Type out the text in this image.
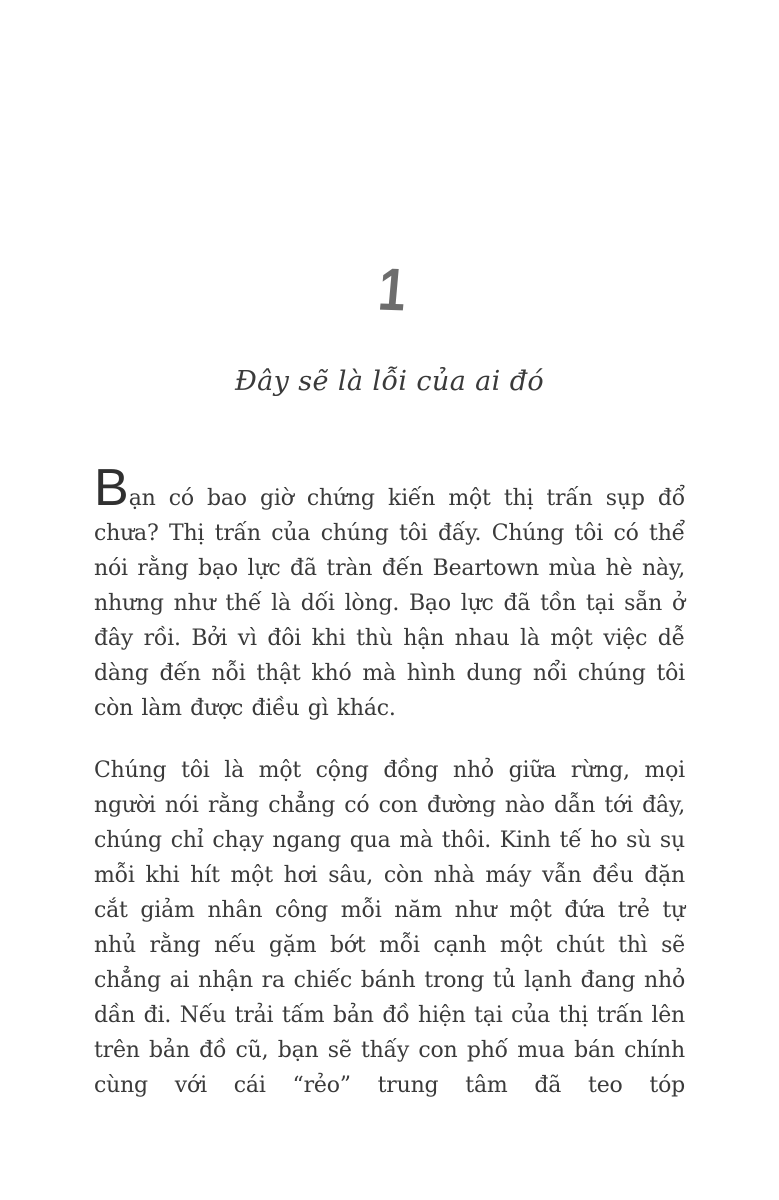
1
Đây sẽ là lỗi của ai đó

Bạn có bao giờ chứng kiến một thị trấn sụp đổ chưa? Thị trấn của chúng tôi đấy. Chúng tôi có thể nói rằng bạo lực đã tràn đến Beartown mùa hè này, nhưng như thế là dối lòng. Bạo lực đã tồn tại sẵn ở đây rồi. Bởi vì đôi khi thù hận nhau là một việc dễ dàng đến nỗi thật khó mà hình dung nổi chúng tôi còn làm được điều gì khác.

Chúng tôi là một cộng đồng nhỏ giữa rừng, mọi người nói rằng chẳng có con đường nào dẫn tới đây, chúng chỉ chạy ngang qua mà thôi. Kinh tế ho sù sụ mỗi khi hít một hơi sâu, còn nhà máy vẫn đều đặn cắt giảm nhân công mỗi năm như một đứa trẻ tự nhủ rằng nếu gặm bớt mỗi cạnh một chút thì sẽ chẳng ai nhận ra chiếc bánh trong tủ lạnh đang nhỏ dần đi. Nếu trải tấm bản đồ hiện tại của thị trấn lên trên bản đồ cũ, bạn sẽ thấy con phố mua bán chính cùng với cái “rẻo” trung tâm đã teo tóp
